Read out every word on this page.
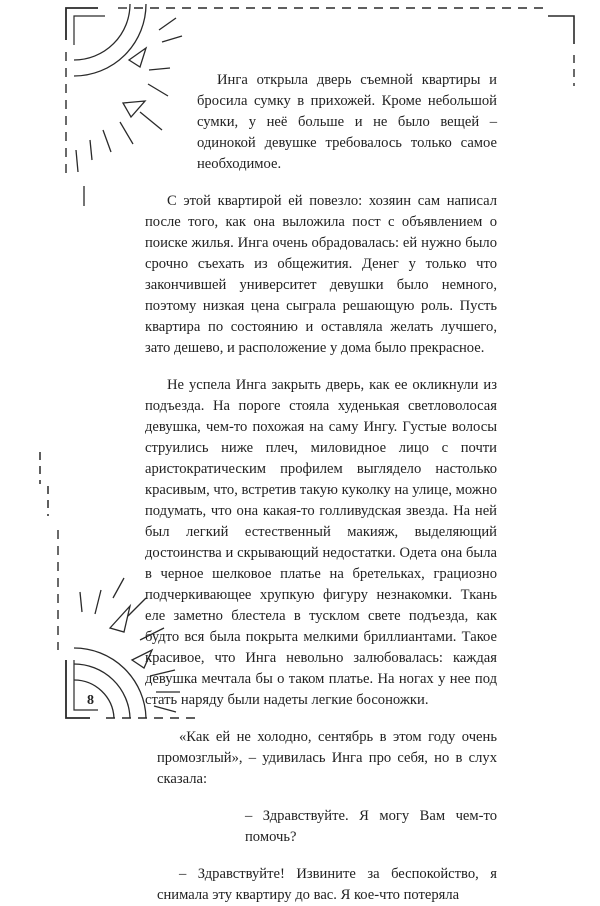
Инга открыла дверь съемной квартиры и бросила сумку в прихожей. Кроме небольшой сумки, у неё больше и не было вещей – одинокой девушке требовалось только самое необходимое.

С этой квартирой ей повезло: хозяин сам написал после того, как она выложила пост с объявлением о поиске жилья. Инга очень обрадовалась: ей нужно было срочно съехать из общежития. Денег у только что закончившей университет девушки было немного, поэтому низкая цена сыграла решающую роль. Пусть квартира по состоянию и оставляла желать лучшего, зато дешево, и расположение у дома было прекрасное.

Не успела Инга закрыть дверь, как ее окликнули из подъезда. На пороге стояла худенькая светловолосая девушка, чем-то похожая на саму Ингу. Густые волосы струились ниже плеч, миловидное лицо с почти аристократическим профилем выглядело настолько красивым, что, встретив такую куколку на улице, можно подумать, что она какая-то голливудская звезда. На ней был легкий естественный макияж, выделяющий достоинства и скрывающий недостатки. Одета она была в черное шелковое платье на бретельках, грациозно подчеркивающее хрупкую фигуру незнакомки. Ткань еле заметно блестела в тусклом свете подъезда, как будто вся была покрыта мелкими бриллиантами. Такое красивое, что Инга невольно залюбовалась: каждая девушка мечтала бы о таком платье. На ногах у нее под стать наряду были надеты легкие босоножки.

«Как ей не холодно, сентябрь в этом году очень промозглый», – удивилась Инга про себя, но в слух сказала:

– Здравствуйте. Я могу Вам чем-то помочь?

– Здравствуйте! Извините за беспокойство, я снимала эту квартиру до вас. Я кое-что потеряла

8
